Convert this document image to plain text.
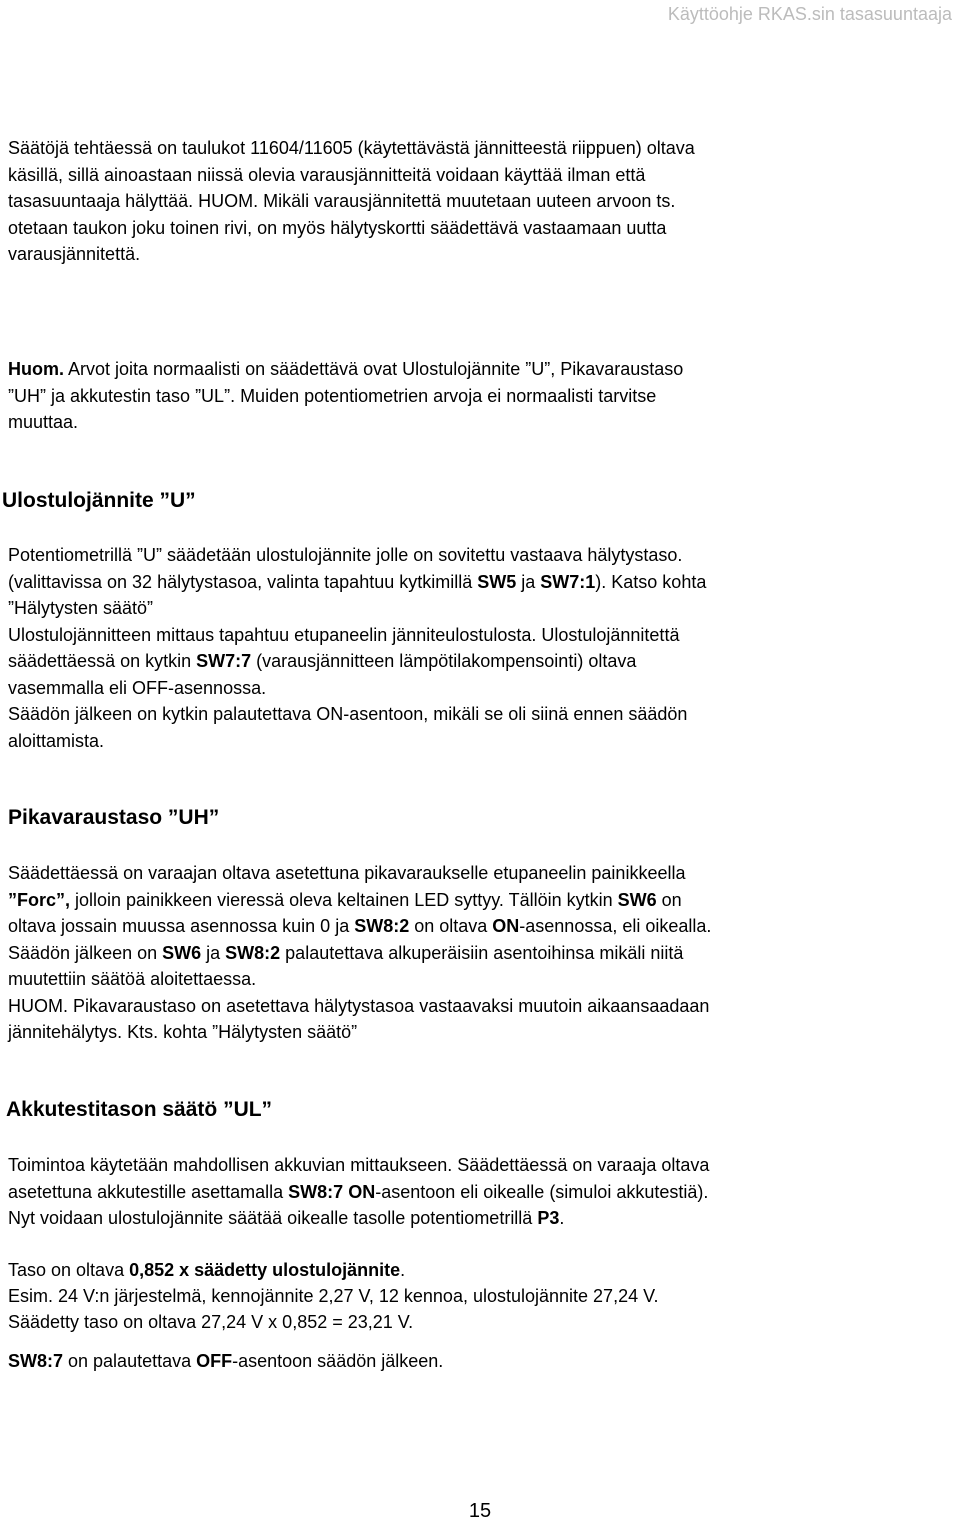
Käyttöohje RKAS.sin tasasuuntaaja
Säätöjä tehtäessä on taulukot 11604/11605 (käytettävästä jännitteestä riippuen) oltava
käsillä, sillä ainoastaan niissä olevia varausjännitteitä voidaan käyttää ilman että
tasasuuntaaja hälyttää. HUOM. Mikäli varausjännitettä muutetaan uuteen arvoon ts.
otetaan taukon joku toinen rivi, on myös hälytyskortti säädettävä vastaamaan uutta
varausjännitettä.
Huom. Arvot joita normaalisti on säädettävä ovat Ulostulojännite ”U”, Pikavaraustaso
”UH” ja akkutestin taso ”UL”. Muiden potentiometrien arvoja ei normaalisti tarvitse
muuttaa.
Ulostulojännite ”U”
Potentiometrillä ”U” säädetään ulostulojännite jolle on sovitettu vastaava hälytystaso.
(valittavissa on 32 hälytystasoa, valinta tapahtuu kytkimillä SW5 ja SW7:1). Katso kohta
”Hälytysten säätö”
Ulostulojännitteen mittaus tapahtuu etupaneelin jänniteulostulosta. Ulostulojännitettä
säädettäessä on kytkin SW7:7 (varausjännitteen lämpötilakompensointi) oltava
vasemmalla eli OFF-asennossa.
Säädön jälkeen on kytkin palautettava ON-asentoon, mikäli se oli siinä ennen säädön
aloittamista.
Pikavaraustaso ”UH”
Säädettäessä on varaajan oltava asetettuna pikavaraukselle etupaneelin painikkeella
”Forc”, jolloin painikkeen vieressä oleva keltainen LED syttyy. Tällöin kytkin SW6 on
oltava jossain muussa asennossa kuin 0 ja SW8:2 on oltava ON-asennossa, eli oikealla.
Säädön jälkeen on SW6 ja SW8:2 palautettava alkuperäisiin asentoihinsa mikäli niitä
muutettiin säätöä aloitettaessa.
HUOM. Pikavaraustaso on asetettava hälytystasoa vastaavaksi muutoin aikaansaadaan
jännitehälytys. Kts. kohta ”Hälytysten säätö”
Akkutestitason säätö ”UL”
Toimintoa käytetään mahdollisen akkuvian mittaukseen. Säädettäessä on varaaja oltava
asetettuna akkutestille asettamalla SW8:7 ON-asentoon eli oikealle (simuloi akkutestiä).
Nyt voidaan ulostulojännite säätää oikealle tasolle potentiometrillä P3.
Taso on oltava 0,852 x säädetty ulostulojännite.
Esim. 24 V:n järjestelmä, kennojännite 2,27 V, 12 kennoa, ulostulojännite 27,24 V.
Säädetty taso on oltava 27,24 V x 0,852 = 23,21 V.
SW8:7 on palautettava OFF-asentoon säädön jälkeen.
15
